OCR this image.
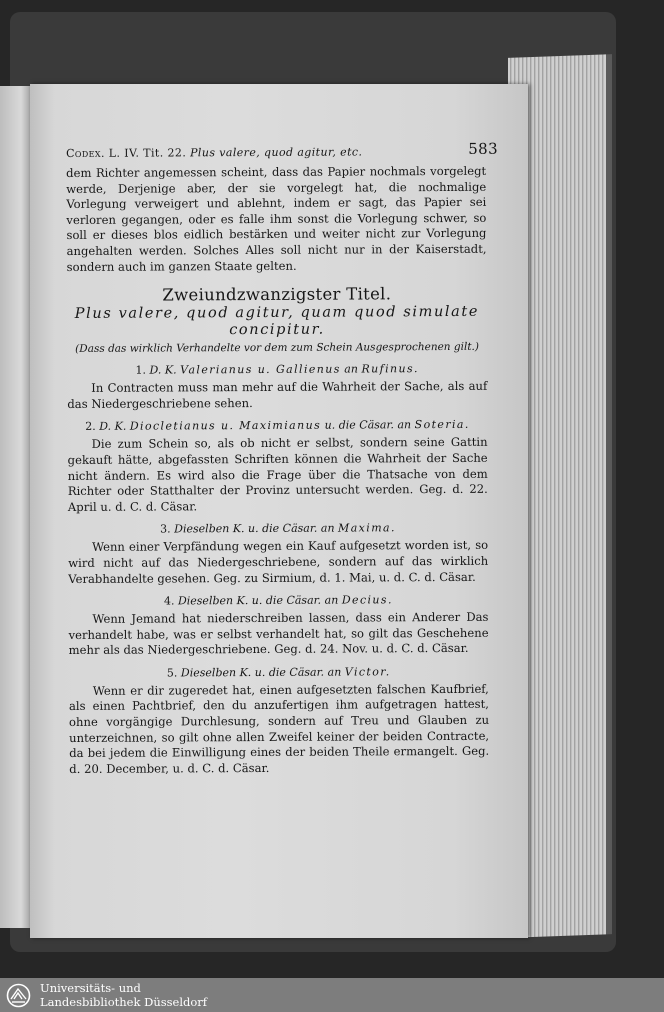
Codex. L. IV. Tit. 22. Plus valere, quod agitur, etc.	583

dem Richter angemessen scheint, dass das Papier nochmals vorgelegt werde, Derjenige aber, der sie vorgelegt hat, die nochmalige Vorlegung verweigert und ablehnt, indem er sagt, das Papier sei verloren gegangen, oder es falle ihm sonst die Vorlegung schwer, so soll er dieses blos eidlich bestärken und weiter nicht zur Vorlegung angehalten werden. Solches Alles soll nicht nur in der Kaiserstadt, sondern auch im ganzen Staate gelten.

Zweiundzwanzigster Titel.
Plus valere, quod agitur, quam quod simulate
concipitur.
(Dass das wirklich Verhandelte vor dem zum Schein Ausgesprochenen gilt.)
1. D. K. Valerianus u. Gallienus an Rufinus.

In Contracten muss man mehr auf die Wahrheit der Sache, als auf das Niedergeschriebene sehen.

2. D. K. Diocletianus u. Maximianus u. die Cäsar. an Soteria.

Die zum Schein so, als ob nicht er selbst, sondern seine Gattin gekauft hätte, abgefassten Schriften können die Wahrheit der Sache nicht ändern. Es wird also die Frage über die Thatsache von dem Richter oder Statthalter der Provinz untersucht werden. Geg. d. 22. April u. d. C. d. Cäsar.

3. Dieselben K. u. die Cäsar. an Maxima.

Wenn einer Verpfändung wegen ein Kauf aufgesetzt worden ist, so wird nicht auf das Niedergeschriebene, sondern auf das wirklich Verabhandelte gesehen. Geg. zu Sirmium, d. 1. Mai, u. d. C. d. Cäsar.

4. Dieselben K. u. die Cäsar. an Decius.

Wenn Jemand hat niederschreiben lassen, dass ein Anderer Das verhandelt habe, was er selbst verhandelt hat, so gilt das Geschehene mehr als das Niedergeschriebene. Geg. d. 24. Nov. u. d. C. d. Cäsar.

5. Dieselben K. u. die Cäsar. an Victor.

Wenn er dir zugeredet hat, einen aufgesetzten falschen Kaufbrief, als einen Pachtbrief, den du anzufertigen ihm aufgetragen hattest, ohne vorgängige Durchlesung, sondern auf Treu und Glauben zu unterzeichnen, so gilt ohne allen Zweifel keiner der beiden Contracte, da bei jedem die Einwilligung eines der beiden Theile ermangelt. Geg. d. 20. December, u. d. C. d. Cäsar.

Universitäts- und
Landesbibliothek Düsseldorf
